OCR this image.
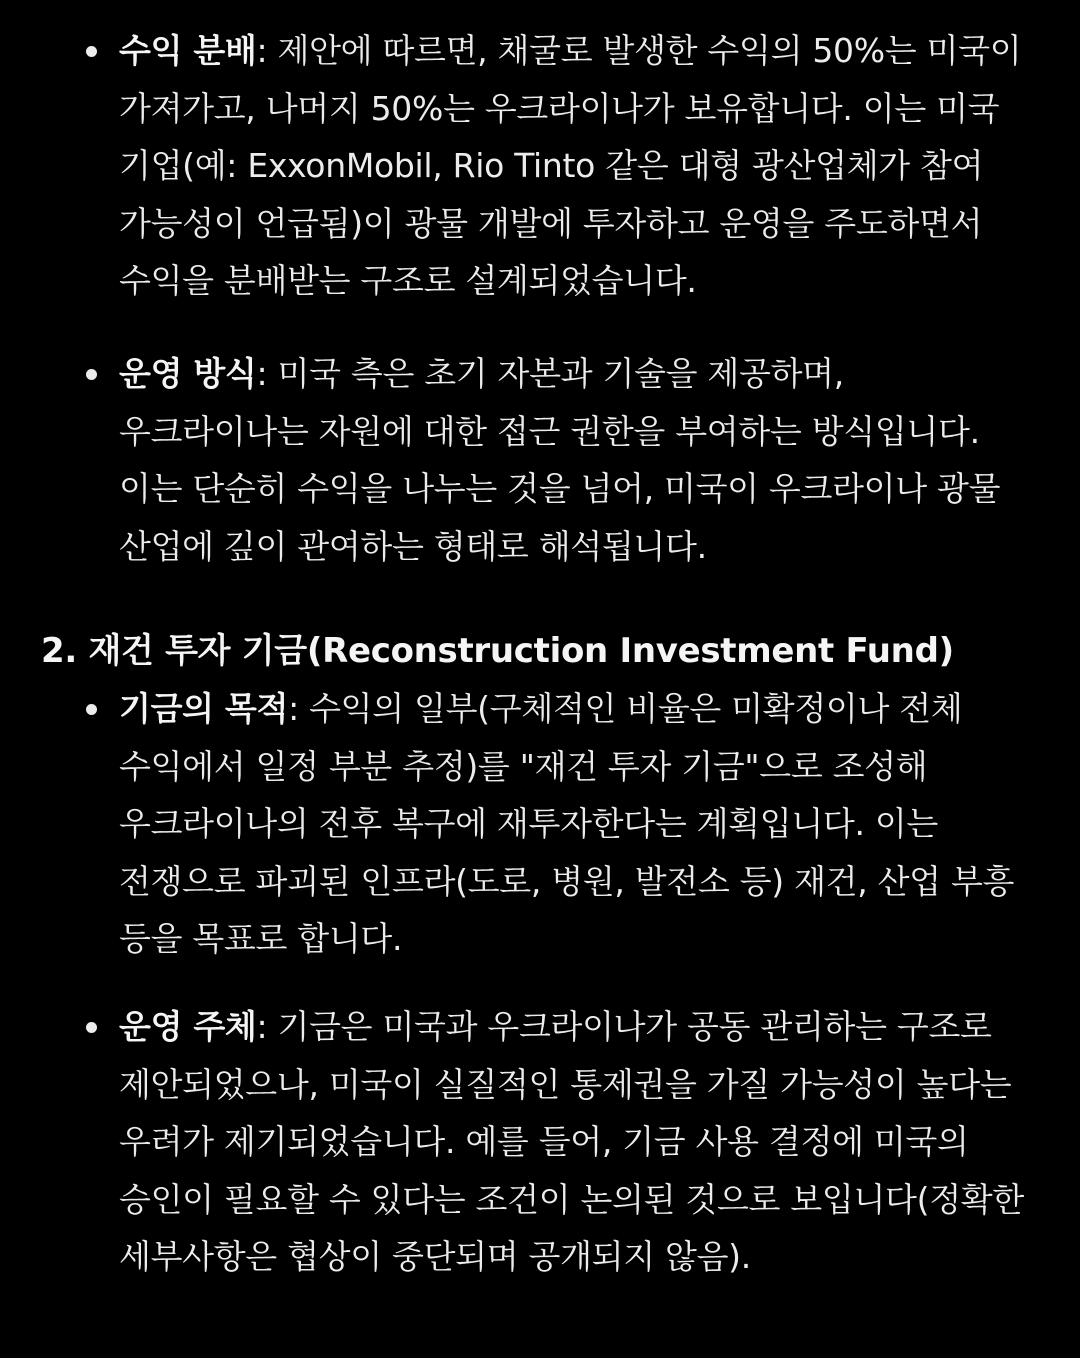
수익 분배: 제안에 따르면, 채굴로 발생한 수익의 50%는 미국이 가져가고, 나머지 50%는 우크라이나가 보유합니다. 이는 미국 기업(예: ExxonMobil, Rio Tinto 같은 대형 광산업체가 참여 가능성이 언급됨)이 광물 개발에 투자하고 운영을 주도하면서 수익을 분배받는 구조로 설계되었습니다.
운영 방식: 미국 측은 초기 자본과 기술을 제공하며, 우크라이나는 자원에 대한 접근 권한을 부여하는 방식입니다. 이는 단순히 수익을 나누는 것을 넘어, 미국이 우크라이나 광물 산업에 깊이 관여하는 형태로 해석됩니다.
2. 재건 투자 기금(Reconstruction Investment Fund)
기금의 목적: 수익의 일부(구체적인 비율은 미확정이나 전체 수익에서 일정 부분 추정)를 "재건 투자 기금"으로 조성해 우크라이나의 전후 복구에 재투자한다는 계획입니다. 이는 전쟁으로 파괴된 인프라(도로, 병원, 발전소 등) 재건, 산업 부흥 등을 목표로 합니다.
운영 주체: 기금은 미국과 우크라이나가 공동 관리하는 구조로 제안되었으나, 미국이 실질적인 통제권을 가질 가능성이 높다는 우려가 제기되었습니다. 예를 들어, 기금 사용 결정에 미국의 승인이 필요할 수 있다는 조건이 논의된 것으로 보입니다(정확한 세부사항은 협상이 중단되며 공개되지 않음).
